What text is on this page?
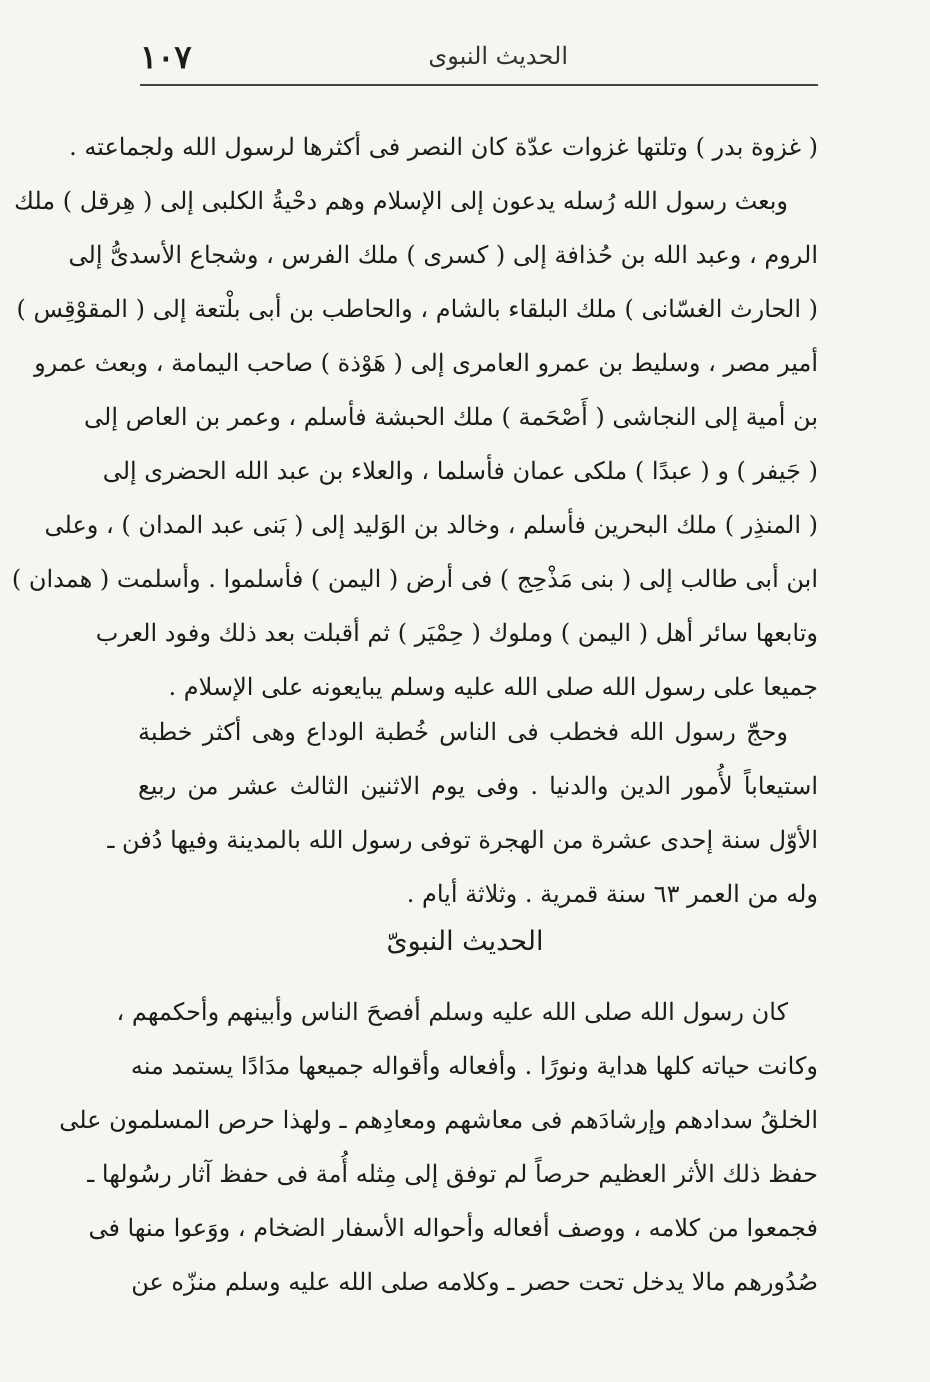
١٠٧	الحديث النبوى
( غزوة بدر ) وتلتها غزوات عدّة كان النصر فى أكثرها لرسول الله ولجماعته .
وبعث رسول الله رُسله يدعون إلى الإسلام وهم دحْيةُ الكلبى إلى ( هِرقل ) ملك
الروم ، وعبد الله بن حُذافة إلى ( كسرى ) ملك الفرس ، وشجاع الأسدىُّ إلى
( الحارث الغسّانى ) ملك البلقاء بالشام ، والحاطب بن أبى بلْتعة إلى ( المقوْقِس )
أمير مصر ، وسليط بن عمرو العامرى إلى ( هَوْذة ) صاحب اليمامة ، وبعث عمرو
بن أمية إلى النجاشى ( أَصْحَمة ) ملك الحبشة فأسلم ، وعمر بن العاص إلى
( جَيفر ) و ( عبدًا ) ملكى عمان فأسلما ، والعلاء بن عبد الله الحضرى إلى
( المنذِر ) ملك البحرين فأسلم ، وخالد بن الوَليد إلى ( بَنى عبد المدان ) ، وعلى
ابن أبى طالب إلى ( بنى مَذْحِج ) فى أرض ( اليمن ) فأسلموا . وأسلمت ( همدان )
وتابعها سائر أهل ( اليمن ) وملوك ( حِمْيَر ) ثم أقبلت بعد ذلك وفود العرب
جميعا على رسول الله صلى الله عليه وسلم يبايعونه على الإسلام .
وحجّ رسول الله فخطب فى الناس خُطبة الوداع وهى أكثر خطبة
استيعاباً لأُمور الدين والدنيا . وفى يوم الاثنين الثالث عشر من ربيع
الأوّل سنة إحدى عشرة من الهجرة توفى رسول الله بالمدينة وفيها دُفن ـ
وله من العمر ٦٣ سنة قمرية . وثلاثة أيام .
الحديث النبوىّ
كان رسول الله صلى الله عليه وسلم أفصحَ الناس وأبينهم وأحكمهم ،
وكانت حياته كلها هداية ونورًا . وأفعاله وأقواله جميعها مدَادًا يستمد منه
الخلقُ سدادهم وإرشادَهم فى معاشهم ومعادِهم ـ ولهذا حرص المسلمون على
حفظ ذلك الأثر العظيم حرصاً لم توفق إلى مِثله أُمة فى حفظ آثار رسُولها ـ
فجمعوا من كلامه ، ووصف أفعاله وأحواله الأسفار الضخام ، ووَعوا منها فى
صُدُورهم مالا يدخل تحت حصر ـ وكلامه صلى الله عليه وسلم منزّه عن
